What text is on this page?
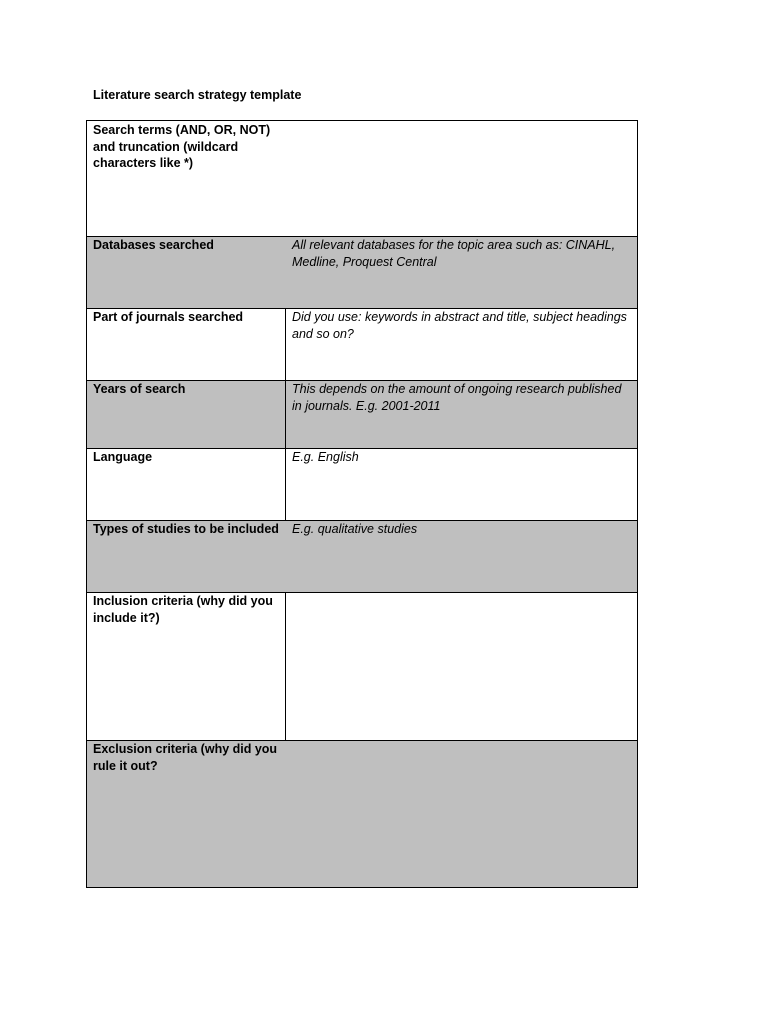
Literature search strategy template
Search terms (AND, OR, NOT) and truncation (wildcard characters like *)
Databases searched	All relevant databases for the topic area such as: CINAHL, Medline, Proquest Central
Part of journals searched	Did you use: keywords in abstract and title, subject headings and so on?
Years of search	This depends on the amount of ongoing research published in journals. E.g. 2001-2011
Language	E.g. English
Types of studies to be included	E.g. qualitative studies
Inclusion criteria (why did you include it?)
Exclusion criteria (why did you rule it out?
